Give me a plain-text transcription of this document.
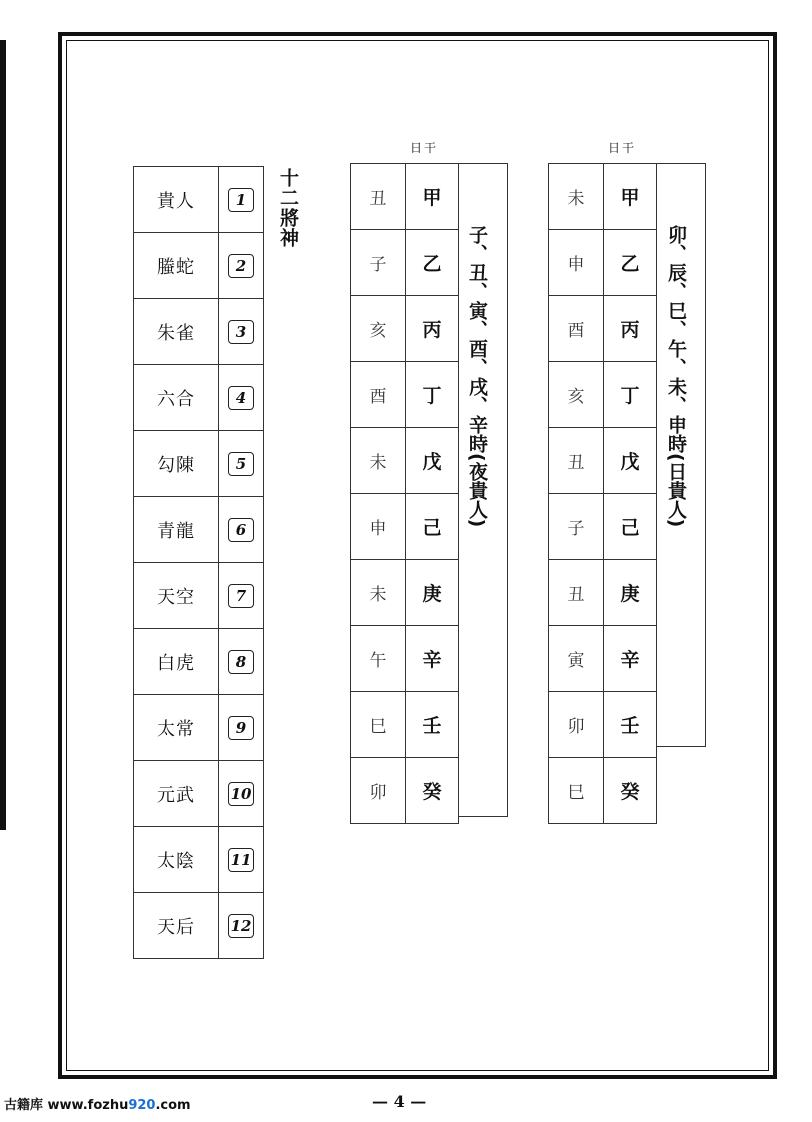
貴人	1
螣蛇	2
朱雀	3
六合	4
勾陳	5
青龍	6
天空	7
白虎	8
太常	9
元武	10
太陰	11
天后	12
十二將神
日干
丑	甲
子	乙
亥	丙
酉	丁
未	戊
申	己
未	庚
午	辛
巳	壬
卯	癸
子、丑、寅、酉、戌、辛時(夜貴人)
日干
未	甲
申	乙
酉	丙
亥	丁
丑	戊
子	己
丑	庚
寅	辛
卯	壬
巳	癸
卯、辰、巳、午、未、申時(日貴人)
古籍库 www.fozhu920.com	— 4 —
